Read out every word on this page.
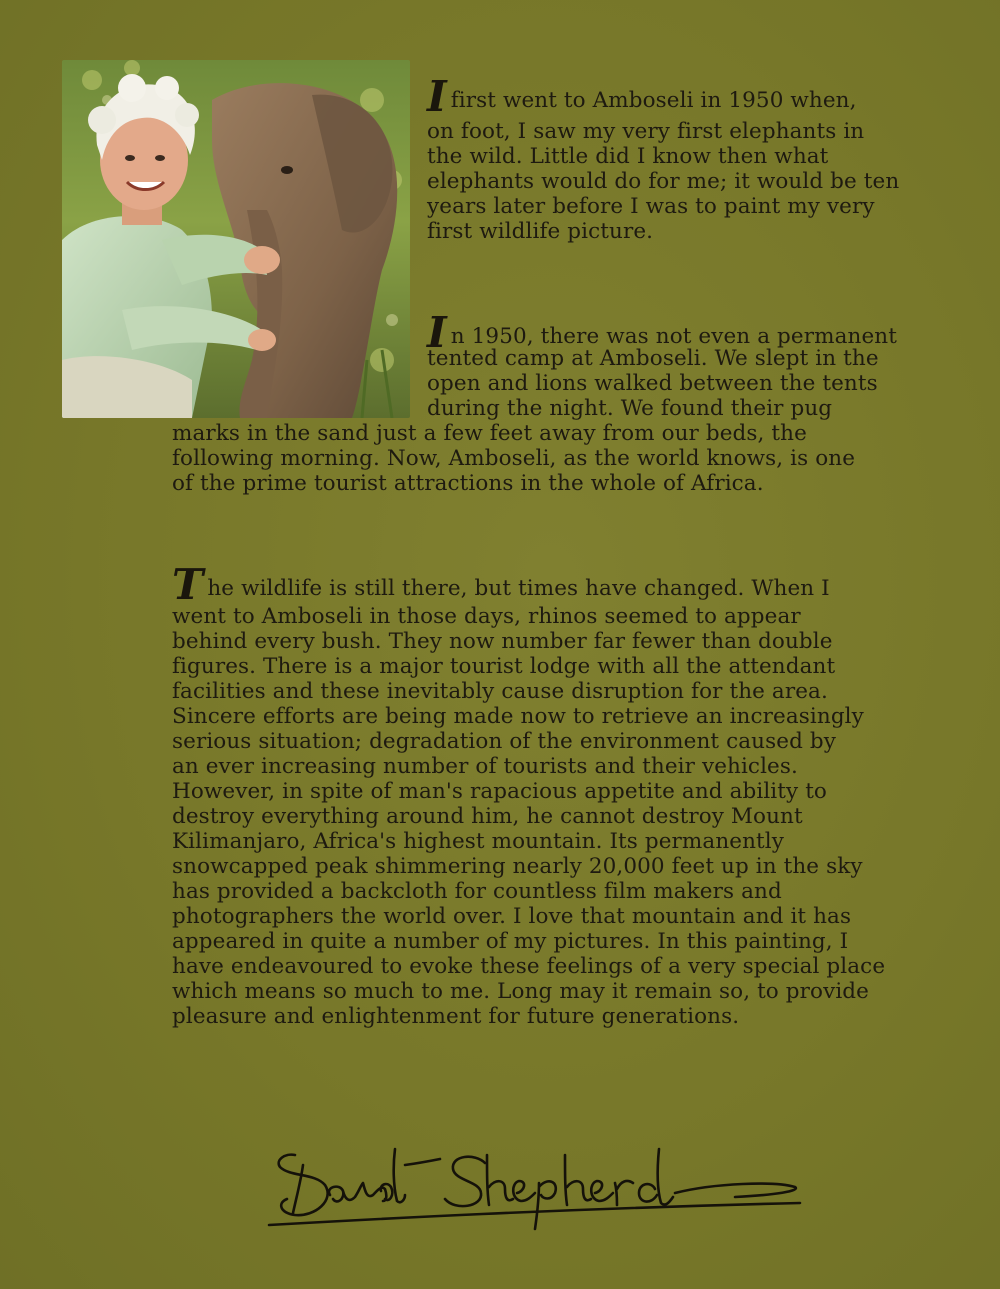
Ifirst went to Amboseli in 1950 when,
on foot, I saw my very first elephants in
the wild. Little did I know then what
elephants would do for me; it would be ten
years later before I was to paint my very
first wildlife picture.
In 1950, there was not even a permanent
tented camp at Amboseli. We slept in the
open and lions walked between the tents
during the night. We found their pug
marks in the sand just a few feet away from our beds, the
following morning. Now, Amboseli, as the world knows, is one
of the prime tourist attractions in the whole of Africa.
The wildlife is still there, but times have changed. When I
went to Amboseli in those days, rhinos seemed to appear
behind every bush. They now number far fewer than double
figures. There is a major tourist lodge with all the attendant
facilities and these inevitably cause disruption for the area.
Sincere efforts are being made now to retrieve an increasingly
serious situation; degradation of the environment caused by
an ever increasing number of tourists and their vehicles.
However, in spite of man's rapacious appetite and ability to
destroy everything around him, he cannot destroy Mount
Kilimanjaro, Africa's highest mountain. Its permanently
snowcapped peak shimmering nearly 20,000 feet up in the sky
has provided a backcloth for countless film makers and
photographers the world over. I love that mountain and it has
appeared in quite a number of my pictures. In this painting, I
have endeavoured to evoke these feelings of a very special place
which means so much to me. Long may it remain so, to provide
pleasure and enlightenment for future generations.
